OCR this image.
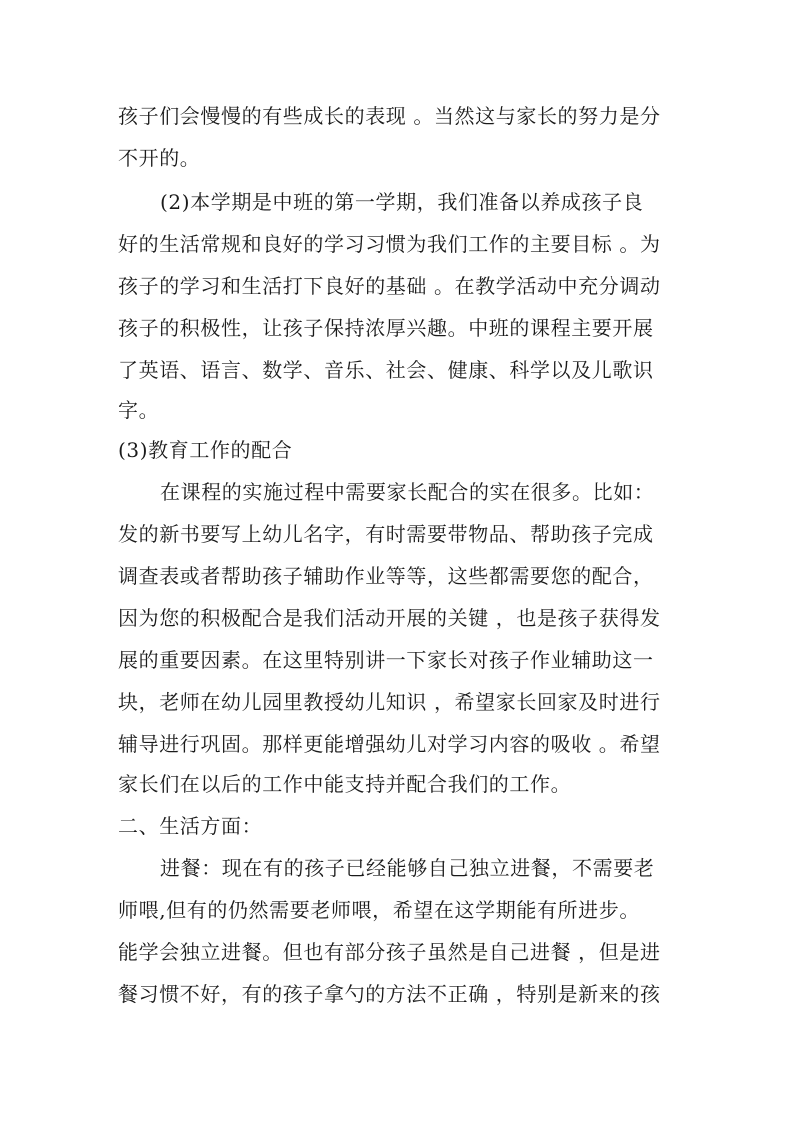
孩子们会慢慢的有些成长的表现 。当然这与家长的努力是分
不开的。
(2)本学期是中班的第一学期，我们准备以养成孩子良
好的生活常规和良好的学习习惯为我们工作的主要目标 。为
孩子的学习和生活打下良好的基础 。在教学活动中充分调动
孩子的积极性，让孩子保持浓厚兴趣。中班的课程主要开展
了英语、语言、数学、音乐、社会、健康、科学以及儿歌识
字。
(3)教育工作的配合
在课程的实施过程中需要家长配合的实在很多。比如：
发的新书要写上幼儿名字，有时需要带物品、帮助孩子完成
调查表或者帮助孩子辅助作业等等，这些都需要您的配合，
因为您的积极配合是我们活动开展的关键 ，也是孩子获得发
展的重要因素。在这里特别讲一下家长对孩子作业辅助这一
块，老师在幼儿园里教授幼儿知识 ，希望家长回家及时进行
辅导进行巩固。那样更能增强幼儿对学习内容的吸收 。希望
家长们在以后的工作中能支持并配合我们的工作。
二、生活方面：
进餐：现在有的孩子已经能够自己独立进餐，不需要老
师喂,但有的仍然需要老师喂，希望在这学期能有所进步。
能学会独立进餐。但也有部分孩子虽然是自己进餐 ，但是进
餐习惯不好，有的孩子拿勺的方法不正确 ，特别是新来的孩
